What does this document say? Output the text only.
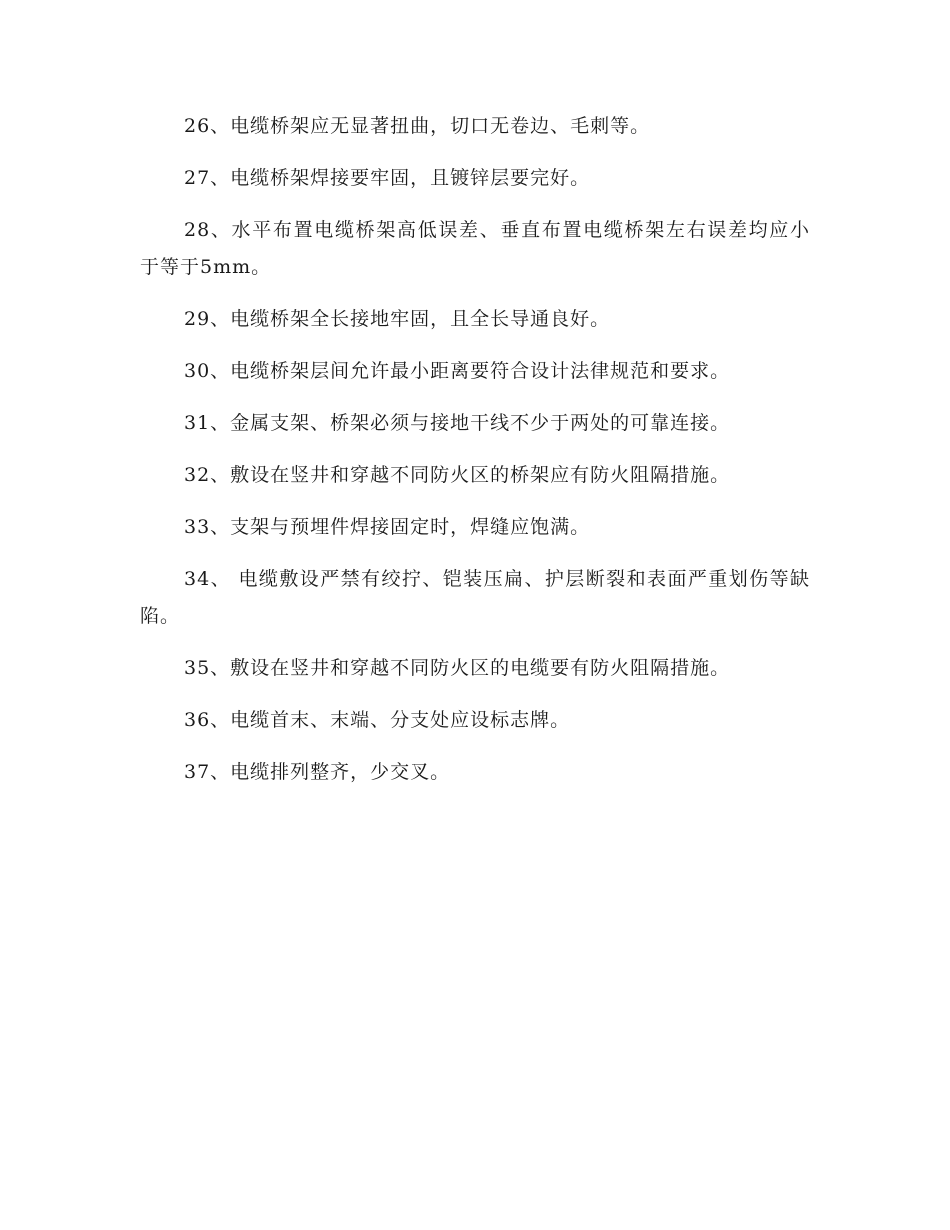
26、电缆桥架应无显著扭曲，切口无卷边、毛刺等。

27、电缆桥架焊接要牢固，且镀锌层要完好。

28、水平布置电缆桥架高低误差、垂直布置电缆桥架左右误差均应小于等于5mm。

29、电缆桥架全长接地牢固，且全长导通良好。

30、电缆桥架层间允许最小距离要符合设计法律规范和要求。

31、金属支架、桥架必须与接地干线不少于两处的可靠连接。

32、敷设在竖井和穿越不同防火区的桥架应有防火阻隔措施。

33、支架与预埋件焊接固定时，焊缝应饱满。

34、 电缆敷设严禁有绞拧、铠装压扁、护层断裂和表面严重划伤等缺陷。

35、敷设在竖井和穿越不同防火区的电缆要有防火阻隔措施。

36、电缆首末、末端、分支处应设标志牌。

37、电缆排列整齐，少交叉。
